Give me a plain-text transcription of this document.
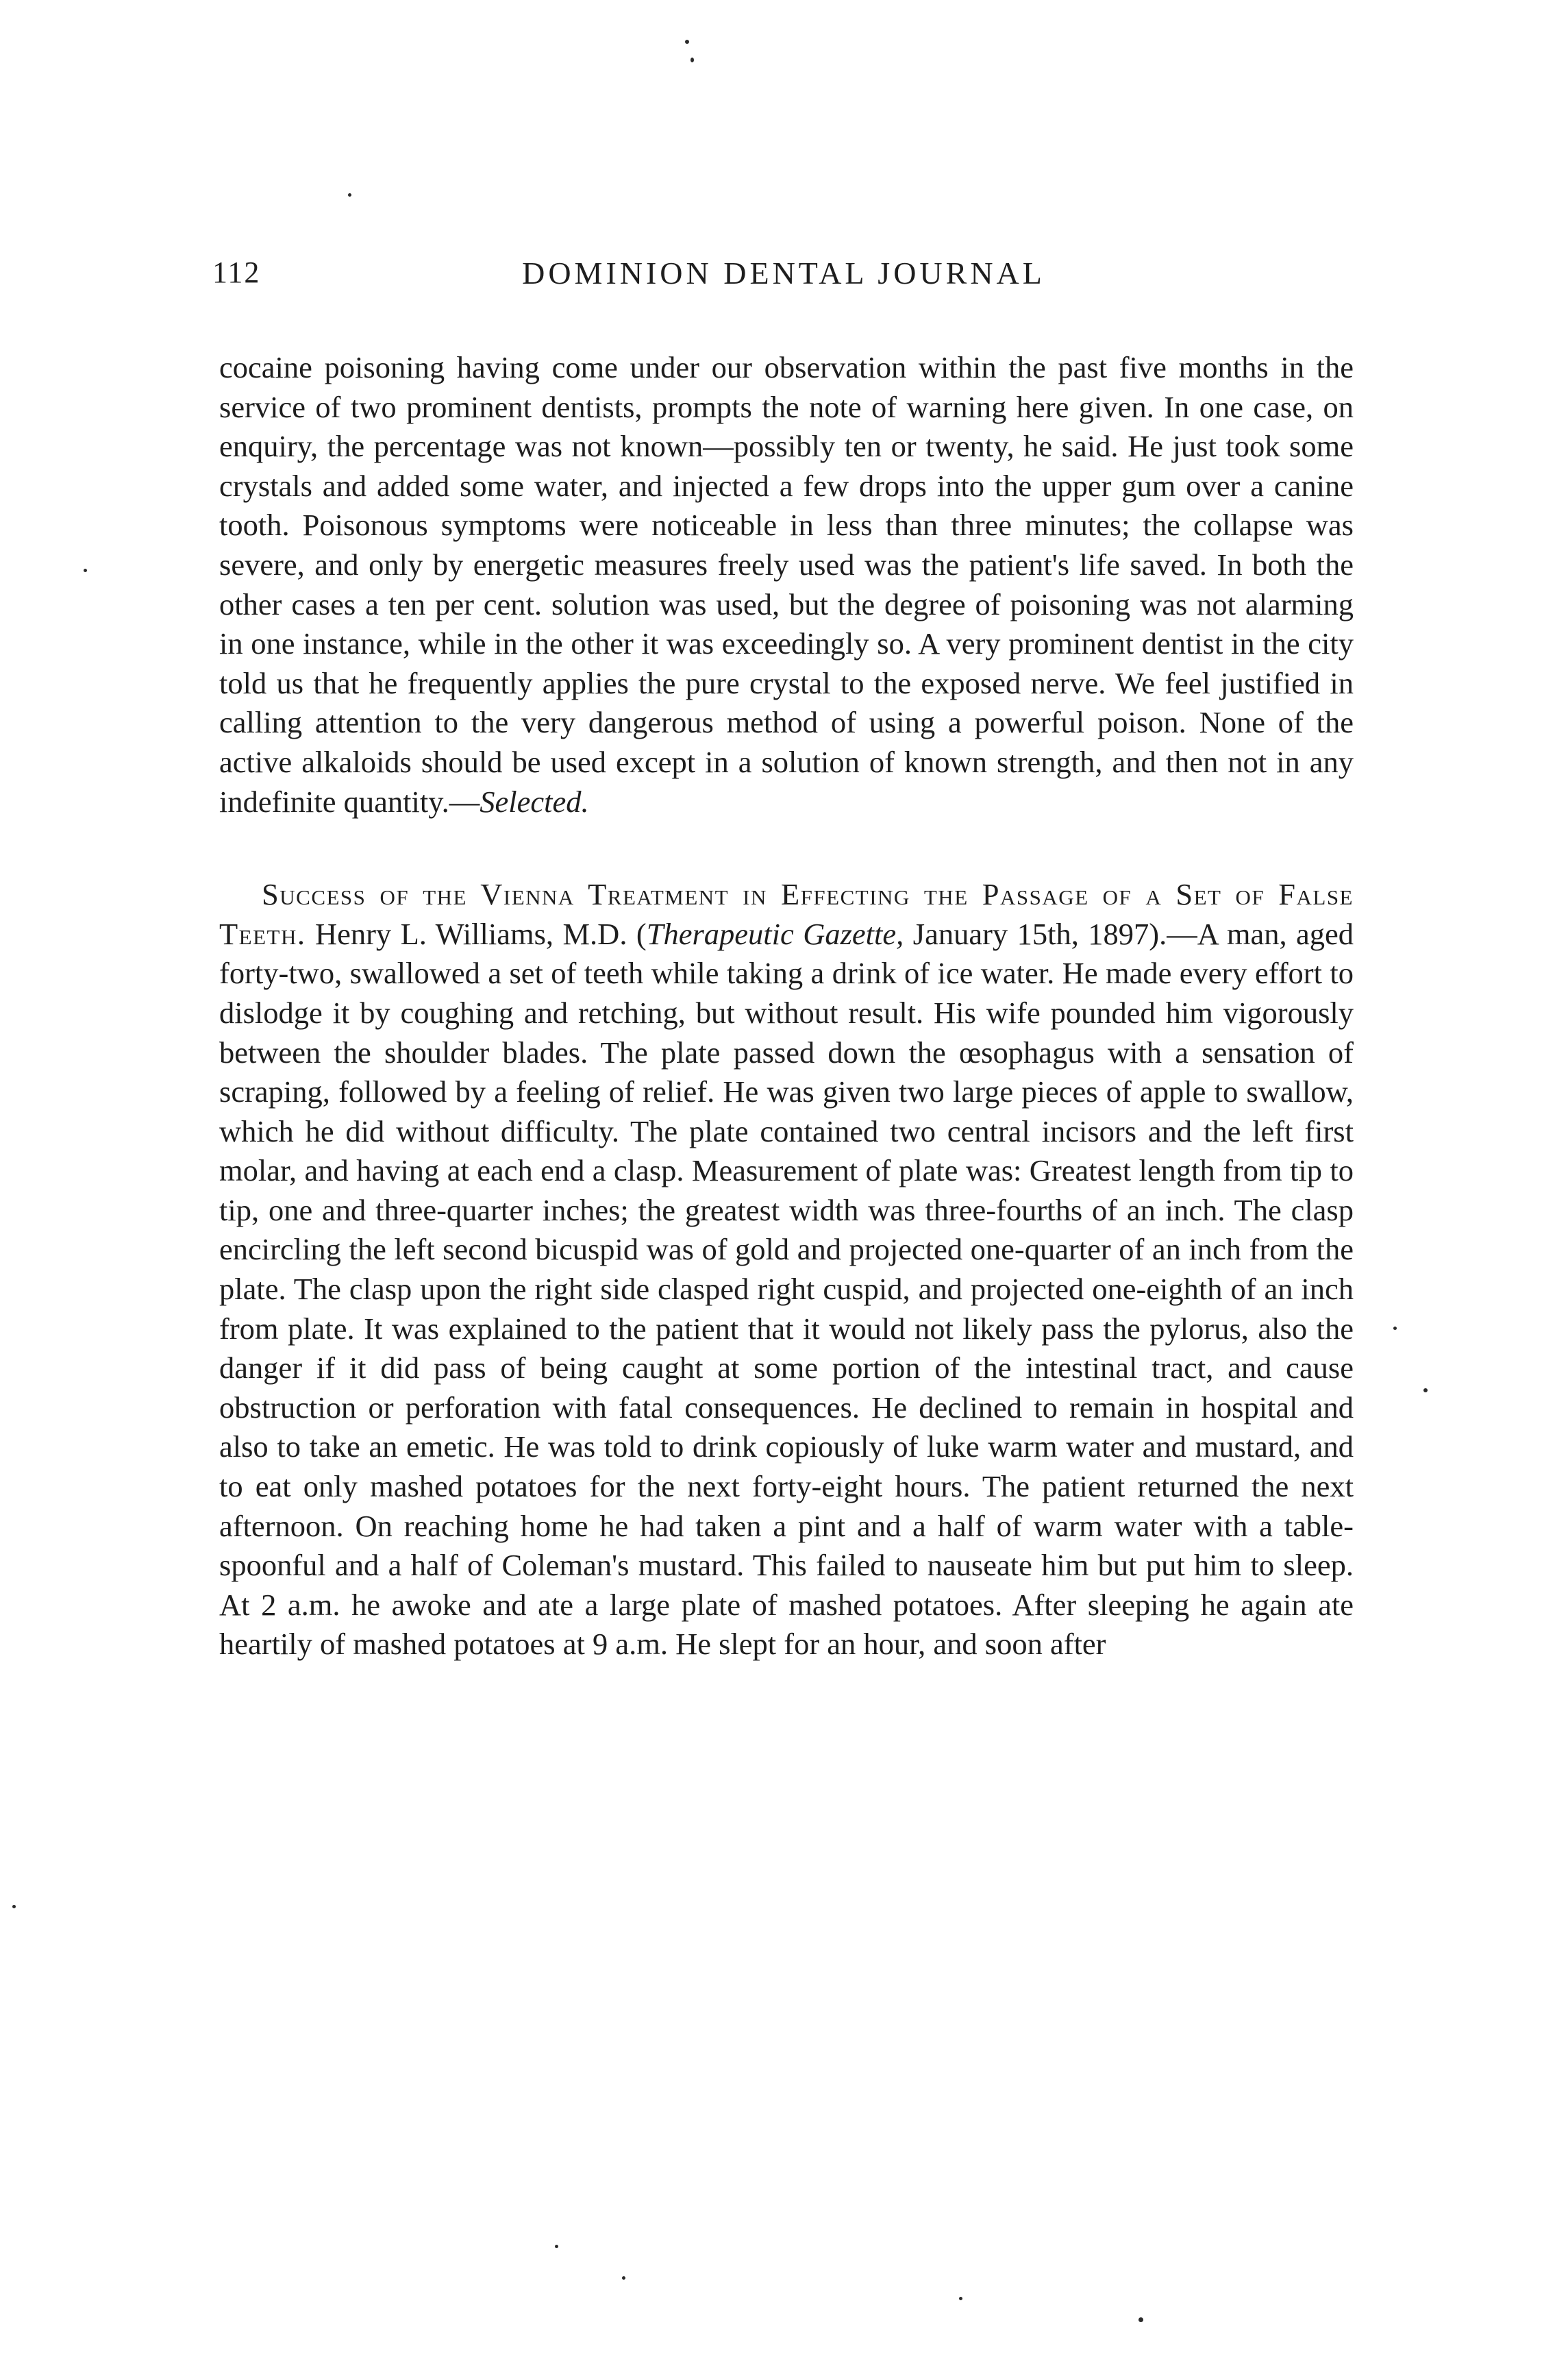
112	DOMINION DENTAL JOURNAL

cocaine poisoning having come under our observation within the past five months in the service of two prominent dentists, prompts the note of warning here given. In one case, on enquiry, the percentage was not known—possibly ten or twenty, he said. He just took some crystals and added some water, and injected a few drops into the upper gum over a canine tooth. Poisonous symptoms were noticeable in less than three minutes; the collapse was severe, and only by energetic measures freely used was the patient's life saved. In both the other cases a ten per cent. solution was used, but the degree of poisoning was not alarming in one instance, while in the other it was exceedingly so. A very prominent dentist in the city told us that he frequently applies the pure crystal to the exposed nerve. We feel justified in calling attention to the very dangerous method of using a powerful poison. None of the active alkaloids should be used except in a solution of known strength, and then not in any indefinite quantity.—Selected.

Success of the Vienna Treatment in Effecting the Passage of a Set of False Teeth. Henry L. Williams, M.D. (Therapeutic Gazette, January 15th, 1897).—A man, aged forty-two, swallowed a set of teeth while taking a drink of ice water. He made every effort to dislodge it by coughing and retching, but without result. His wife pounded him vigorously between the shoulder blades. The plate passed down the œsophagus with a sensation of scraping, followed by a feeling of relief. He was given two large pieces of apple to swallow, which he did without difficulty. The plate contained two central incisors and the left first molar, and having at each end a clasp. Measurement of plate was: Greatest length from tip to tip, one and three-quarter inches; the greatest width was three-fourths of an inch. The clasp encircling the left second bicuspid was of gold and projected one-quarter of an inch from the plate. The clasp upon the right side clasped right cuspid, and projected one-eighth of an inch from plate. It was explained to the patient that it would not likely pass the pylorus, also the danger if it did pass of being caught at some portion of the intestinal tract, and cause obstruction or perforation with fatal consequences. He declined to remain in hospital and also to take an emetic. He was told to drink copiously of luke warm water and mustard, and to eat only mashed potatoes for the next forty-eight hours. The patient returned the next afternoon. On reaching home he had taken a pint and a half of warm water with a table-spoonful and a half of Coleman's mustard. This failed to nauseate him but put him to sleep. At 2 a.m. he awoke and ate a large plate of mashed potatoes. After sleeping he again ate heartily of mashed potatoes at 9 a.m. He slept for an hour, and soon after
